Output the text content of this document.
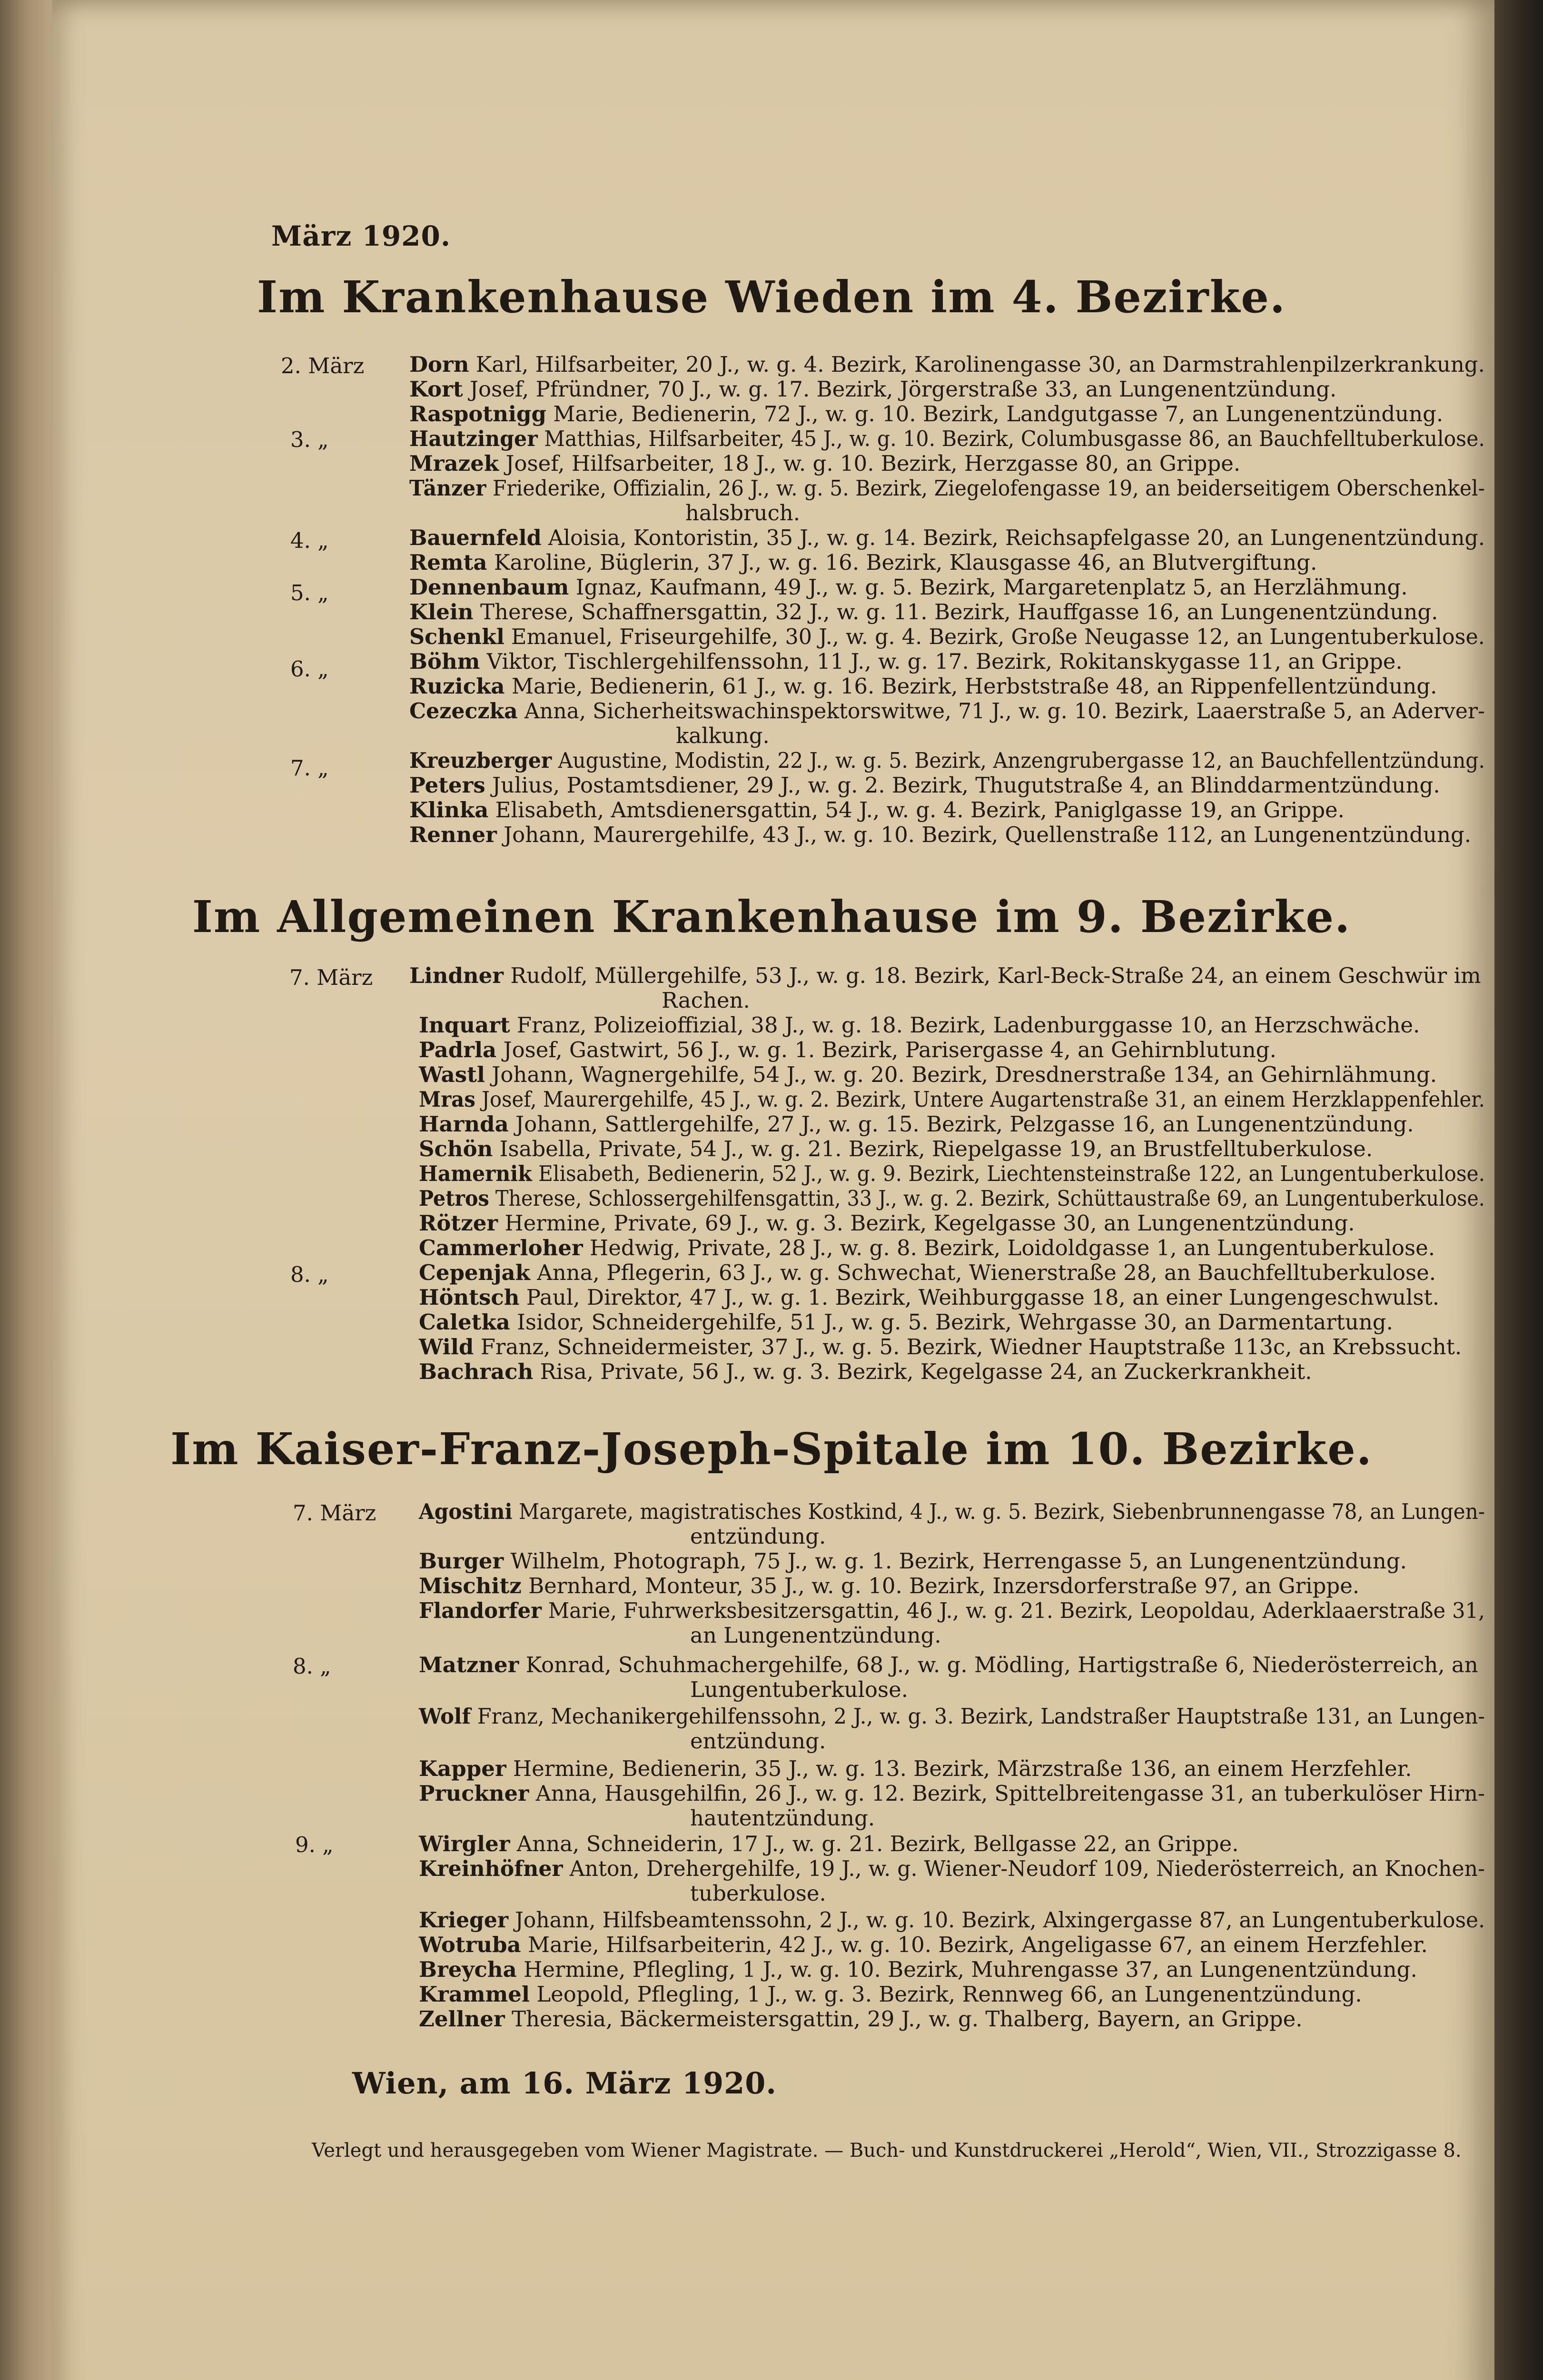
März 1920.
Im Krankenhause Wieden im 4. Bezirke.
2. März
3. „
4. „
5. „
6. „
7. „
Dorn Karl, Hilfsarbeiter, 20 J., w. g. 4. Bezirk, Karolinengasse 30, an Darmstrahlenpilzerkrankung.
Kort Josef, Pfründner, 70 J., w. g. 17. Bezirk, Jörgerstraße 33, an Lungenentzündung.
Raspotnigg Marie, Bedienerin, 72 J., w. g. 10. Bezirk, Landgutgasse 7, an Lungenentzündung.
Hautzinger Matthias, Hilfsarbeiter, 45 J., w. g. 10. Bezirk, Columbusgasse 86, an Bauchfelltuberkulose.
Mrazek Josef, Hilfsarbeiter, 18 J., w. g. 10. Bezirk, Herzgasse 80, an Grippe.
Tänzer Friederike, Offizialin, 26 J., w. g. 5. Bezirk, Ziegelofengasse 19, an beiderseitigem Oberschenkel-
halsbruch.
Bauernfeld Aloisia, Kontoristin, 35 J., w. g. 14. Bezirk, Reichsapfelgasse 20, an Lungenentzündung.
Remta Karoline, Büglerin, 37 J., w. g. 16. Bezirk, Klausgasse 46, an Blutvergiftung.
Dennenbaum Ignaz, Kaufmann, 49 J., w. g. 5. Bezirk, Margaretenplatz 5, an Herzlähmung.
Klein Therese, Schaffnersgattin, 32 J., w. g. 11. Bezirk, Hauffgasse 16, an Lungenentzündung.
Schenkl Emanuel, Friseurgehilfe, 30 J., w. g. 4. Bezirk, Große Neugasse 12, an Lungentuberkulose.
Böhm Viktor, Tischlergehilfenssohn, 11 J., w. g. 17. Bezirk, Rokitanskygasse 11, an Grippe.
Ruzicka Marie, Bedienerin, 61 J., w. g. 16. Bezirk, Herbststraße 48, an Rippenfellentzündung.
Cezeczka Anna, Sicherheitswachinspektorswitwe, 71 J., w. g. 10. Bezirk, Laaerstraße 5, an Aderver-
kalkung.
Kreuzberger Augustine, Modistin, 22 J., w. g. 5. Bezirk, Anzengrubergasse 12, an Bauchfellentzündung.
Peters Julius, Postamtsdiener, 29 J., w. g. 2. Bezirk, Thugutstraße 4, an Blinddarmentzündung.
Klinka Elisabeth, Amtsdienersgattin, 54 J., w. g. 4. Bezirk, Paniglgasse 19, an Grippe.
Renner Johann, Maurergehilfe, 43 J., w. g. 10. Bezirk, Quellenstraße 112, an Lungenentzündung.
Im Allgemeinen Krankenhause im 9. Bezirke.
7. März
8. „
Lindner Rudolf, Müllergehilfe, 53 J., w. g. 18. Bezirk, Karl-Beck-Straße 24, an einem Geschwür im
Rachen.
Inquart Franz, Polizeioffizial, 38 J., w. g. 18. Bezirk, Ladenburggasse 10, an Herzschwäche.
Padrla Josef, Gastwirt, 56 J., w. g. 1. Bezirk, Parisergasse 4, an Gehirnblutung.
Wastl Johann, Wagnergehilfe, 54 J., w. g. 20. Bezirk, Dresdnerstraße 134, an Gehirnlähmung.
Mras Josef, Maurergehilfe, 45 J., w. g. 2. Bezirk, Untere Augartenstraße 31, an einem Herzklappenfehler.
Harnda Johann, Sattlergehilfe, 27 J., w. g. 15. Bezirk, Pelzgasse 16, an Lungenentzündung.
Schön Isabella, Private, 54 J., w. g. 21. Bezirk, Riepelgasse 19, an Brustfelltuberkulose.
Hamernik Elisabeth, Bedienerin, 52 J., w. g. 9. Bezirk, Liechtensteinstraße 122, an Lungentuberkulose.
Petros Therese, Schlossergehilfensgattin, 33 J., w. g. 2. Bezirk, Schüttaustraße 69, an Lungentuberkulose.
Rötzer Hermine, Private, 69 J., w. g. 3. Bezirk, Kegelgasse 30, an Lungenentzündung.
Cammerloher Hedwig, Private, 28 J., w. g. 8. Bezirk, Loidoldgasse 1, an Lungentuberkulose.
Cepenjak Anna, Pflegerin, 63 J., w. g. Schwechat, Wienerstraße 28, an Bauchfelltuberkulose.
Höntsch Paul, Direktor, 47 J., w. g. 1. Bezirk, Weihburggasse 18, an einer Lungengeschwulst.
Caletka Isidor, Schneidergehilfe, 51 J., w. g. 5. Bezirk, Wehrgasse 30, an Darmentartung.
Wild Franz, Schneidermeister, 37 J., w. g. 5. Bezirk, Wiedner Hauptstraße 113c, an Krebssucht.
Bachrach Risa, Private, 56 J., w. g. 3. Bezirk, Kegelgasse 24, an Zuckerkrankheit.
Im Kaiser-Franz-Joseph-Spitale im 10. Bezirke.
7. März
8. „
9. „
Agostini Margarete, magistratisches Kostkind, 4 J., w. g. 5. Bezirk, Siebenbrunnengasse 78, an Lungen-
entzündung.
Burger Wilhelm, Photograph, 75 J., w. g. 1. Bezirk, Herrengasse 5, an Lungenentzündung.
Mischitz Bernhard, Monteur, 35 J., w. g. 10. Bezirk, Inzersdorferstraße 97, an Grippe.
Flandorfer Marie, Fuhrwerksbesitzersgattin, 46 J., w. g. 21. Bezirk, Leopoldau, Aderklaaerstraße 31,
an Lungenentzündung.
Matzner Konrad, Schuhmachergehilfe, 68 J., w. g. Mödling, Hartigstraße 6, Niederösterreich, an
Lungentuberkulose.
Wolf Franz, Mechanikergehilfenssohn, 2 J., w. g. 3. Bezirk, Landstraßer Hauptstraße 131, an Lungen-
entzündung.
Kapper Hermine, Bedienerin, 35 J., w. g. 13. Bezirk, Märzstraße 136, an einem Herzfehler.
Pruckner Anna, Hausgehilfin, 26 J., w. g. 12. Bezirk, Spittelbreitengasse 31, an tuberkulöser Hirn-
hautentzündung.
Wirgler Anna, Schneiderin, 17 J., w. g. 21. Bezirk, Bellgasse 22, an Grippe.
Kreinhöfner Anton, Drehergehilfe, 19 J., w. g. Wiener-Neudorf 109, Niederösterreich, an Knochen-
tuberkulose.
Krieger Johann, Hilfsbeamtenssohn, 2 J., w. g. 10. Bezirk, Alxingergasse 87, an Lungentuberkulose.
Wotruba Marie, Hilfsarbeiterin, 42 J., w. g. 10. Bezirk, Angeligasse 67, an einem Herzfehler.
Breycha Hermine, Pflegling, 1 J., w. g. 10. Bezirk, Muhrengasse 37, an Lungenentzündung.
Krammel Leopold, Pflegling, 1 J., w. g. 3. Bezirk, Rennweg 66, an Lungenentzündung.
Zellner Theresia, Bäckermeistersgattin, 29 J., w. g. Thalberg, Bayern, an Grippe.
Wien, am 16. März 1920.
Verlegt und herausgegeben vom Wiener Magistrate. — Buch- und Kunstdruckerei „Herold“, Wien, VII., Strozzigasse 8.
